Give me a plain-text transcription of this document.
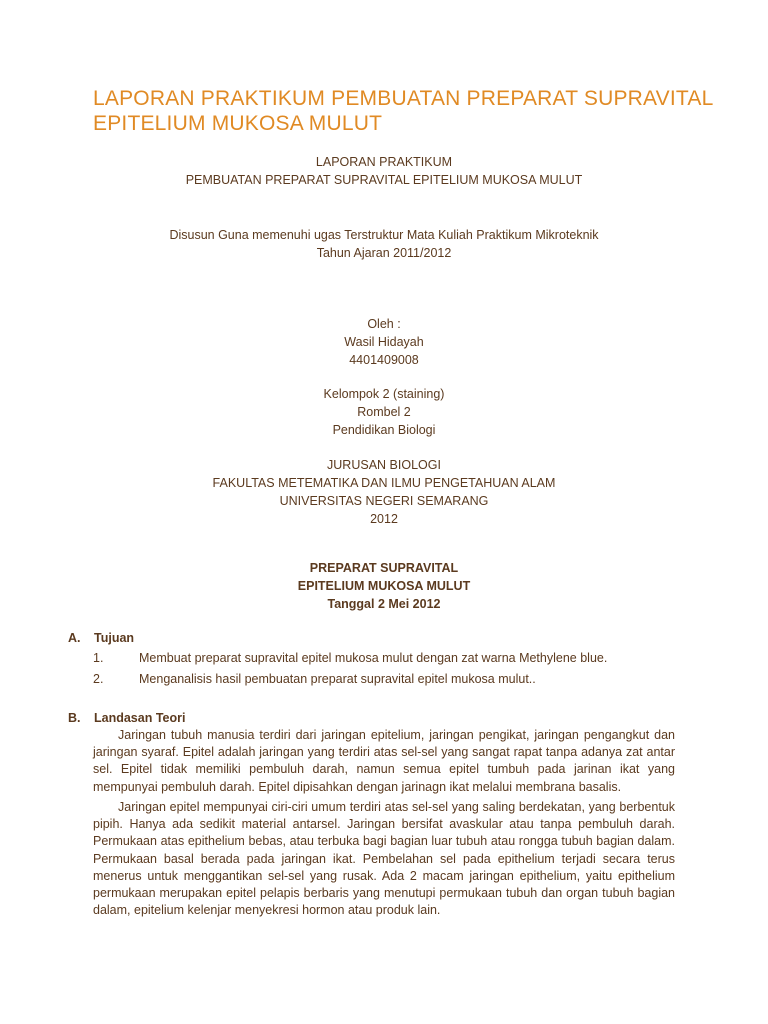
LAPORAN PRAKTIKUM PEMBUATAN PREPARAT SUPRAVITAL EPITELIUM MUKOSA MULUT

LAPORAN PRAKTIKUM

PEMBUATAN PREPARAT SUPRAVITAL EPITELIUM MUKOSA MULUT

Disusun Guna memenuhi ugas Terstruktur Mata Kuliah Praktikum Mikroteknik

Tahun Ajaran 2011/2012

Oleh :

Wasil Hidayah

4401409008

Kelompok 2 (staining)

Rombel 2

Pendidikan Biologi

JURUSAN BIOLOGI

FAKULTAS METEMATIKA DAN ILMU PENGETAHUAN ALAM

UNIVERSITAS NEGERI SEMARANG

2012

PREPARAT SUPRAVITAL

EPITELIUM MUKOSA MULUT

Tanggal 2 Mei 2012

A. Tujuan
1.	Membuat preparat supravital epitel mukosa mulut dengan zat warna Methylene blue.
2.	Menganalisis hasil pembuatan preparat supravital epitel mukosa mulut..
B. Landasan Teori

Jaringan tubuh manusia terdiri dari jaringan epitelium, jaringan pengikat, jaringan pengangkut dan jaringan syaraf. Epitel adalah jaringan yang terdiri atas sel-sel yang sangat rapat tanpa adanya zat antar sel. Epitel tidak memiliki pembuluh darah, namun semua epitel tumbuh pada jarinan ikat yang mempunyai pembuluh darah. Epitel dipisahkan dengan jarinagn ikat melalui membrana basalis.

Jaringan epitel mempunyai ciri-ciri umum terdiri atas sel-sel yang saling berdekatan, yang berbentuk pipih. Hanya ada sedikit material antarsel. Jaringan bersifat avaskular atau tanpa pembuluh darah. Permukaan atas epithelium bebas, atau terbuka bagi bagian luar tubuh atau rongga tubuh bagian dalam. Permukaan basal berada pada jaringan ikat. Pembelahan sel pada epithelium terjadi secara terus menerus untuk menggantikan sel-sel yang rusak. Ada 2 macam jaringan epithelium, yaitu epithelium permukaan merupakan epitel pelapis berbaris yang menutupi permukaan tubuh dan organ tubuh bagian dalam, epitelium kelenjar menyekresi hormon atau produk lain.
